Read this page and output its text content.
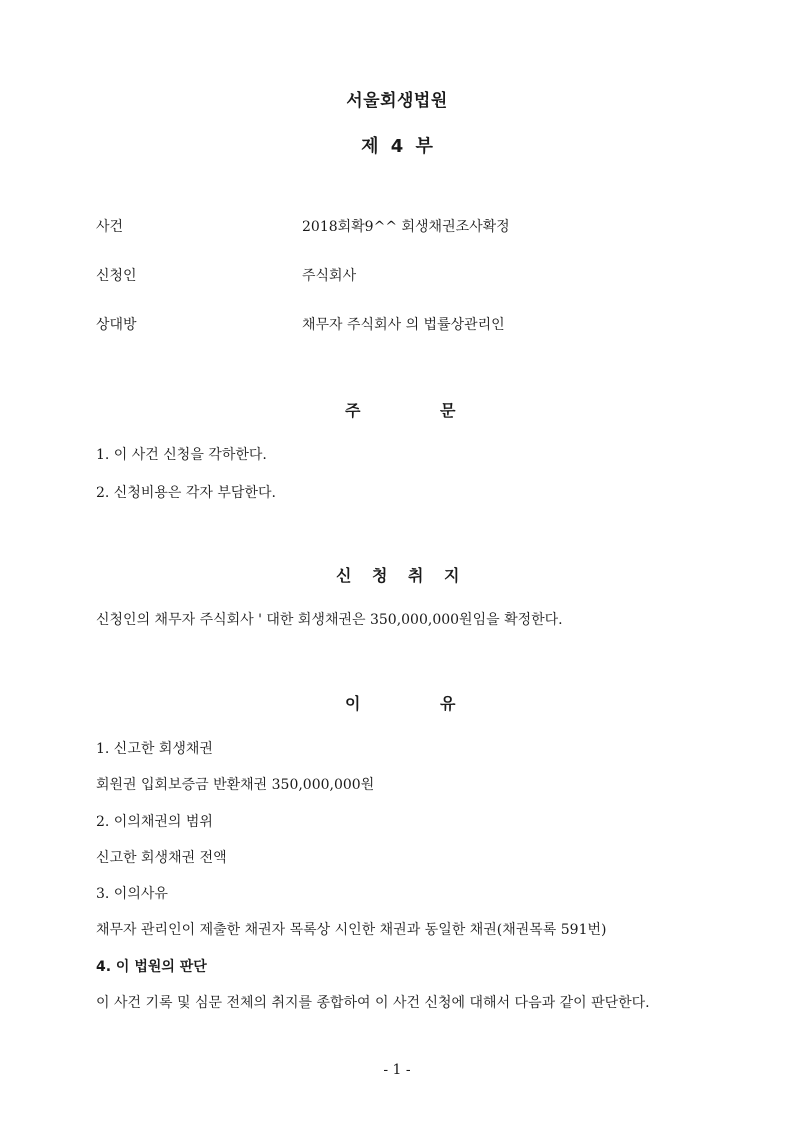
서울회생법원
제 4 부
사건	2018회확9^^ 회생채권조사확정
신청인	주식회사
상대방	채무자 주식회사 의 법률상관리인
주	문
1. 이 사건 신청을 각하한다.
2. 신청비용은 각자 부담한다.
신 청 취 지
신청인의 채무자 주식회사 ' 대한 회생채권은 350,000,000원임을 확정한다.
이	유
1. 신고한 회생채권
회원권 입회보증금 반환채권 350,000,000원
2. 이의채권의 범위
신고한 회생채권 전액
3. 이의사유
채무자 관리인이 제출한 채권자 목록상 시인한 채권과 동일한 채권(채권목록 591번)
4. 이 법원의 판단
이 사건 기록 및 심문 전체의 취지를 종합하여 이 사건 신청에 대해서 다음과 같이 판단한다.
- 1 -
